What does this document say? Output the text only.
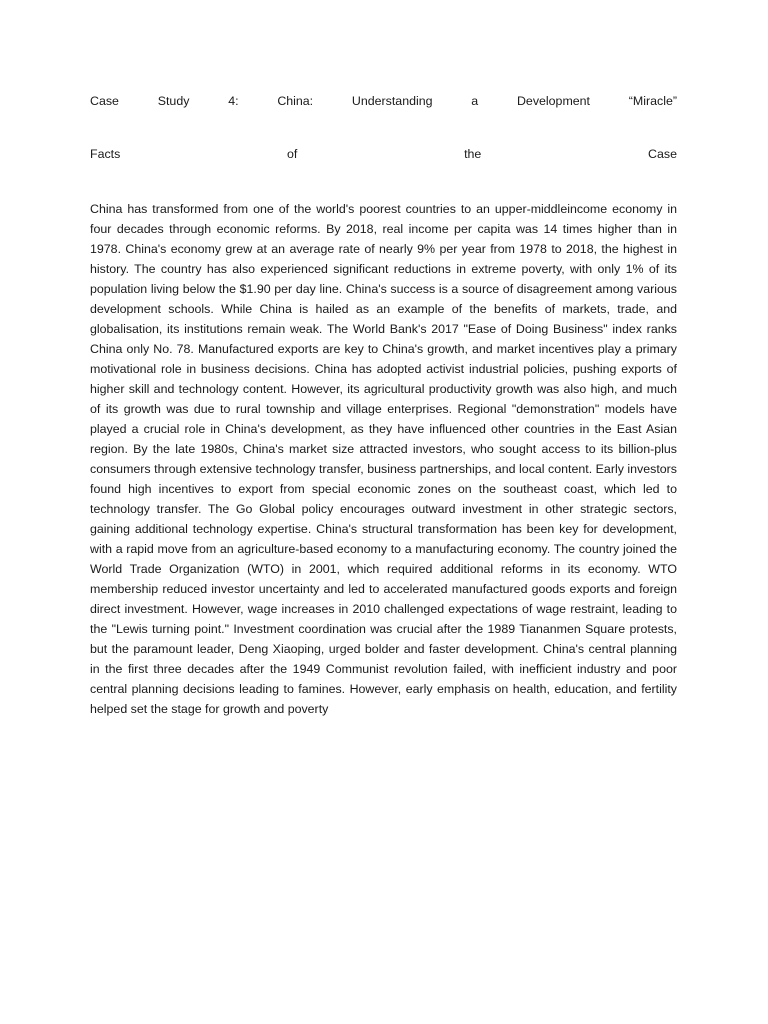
Case	Study	4:	China:	Understanding	a	Development	“Miracle”
Facts	of	the	Case

China has transformed from one of the world's poorest countries to an upper-middleincome economy in four decades through economic reforms. By 2018, real income per capita was 14 times higher than in 1978. China's economy grew at an average rate of nearly 9% per year from 1978 to 2018, the highest in history. The country has also experienced significant reductions in extreme poverty, with only 1% of its population living below the $1.90 per day line. China's success is a source of disagreement among various development schools. While China is hailed as an example of the benefits of markets, trade, and globalisation, its institutions remain weak. The World Bank's 2017 "Ease of Doing Business" index ranks China only No. 78. Manufactured exports are key to China's growth, and market incentives play a primary motivational role in business decisions. China has adopted activist industrial policies, pushing exports of higher skill and technology content. However, its agricultural productivity growth was also high, and much of its growth was due to rural township and village enterprises. Regional "demonstration" models have played a crucial role in China's development, as they have influenced other countries in the East Asian region. By the late 1980s, China's market size attracted investors, who sought access to its billion-plus consumers through extensive technology transfer, business partnerships, and local content. Early investors found high incentives to export from special economic zones on the southeast coast, which led to technology transfer. The Go Global policy encourages outward investment in other strategic sectors, gaining additional technology expertise. China's structural transformation has been key for development, with a rapid move from an agriculture-based economy to a manufacturing economy. The country joined the World Trade Organization (WTO) in 2001, which required additional reforms in its economy. WTO membership reduced investor uncertainty and led to accelerated manufactured goods exports and foreign direct investment. However, wage increases in 2010 challenged expectations of wage restraint, leading to the "Lewis turning point." Investment coordination was crucial after the 1989 Tiananmen Square protests, but the paramount leader, Deng Xiaoping, urged bolder and faster development. China's central planning in the first three decades after the 1949 Communist revolution failed, with inefficient industry and poor central planning decisions leading to famines. However, early emphasis on health, education, and fertility helped set the stage for growth and poverty
